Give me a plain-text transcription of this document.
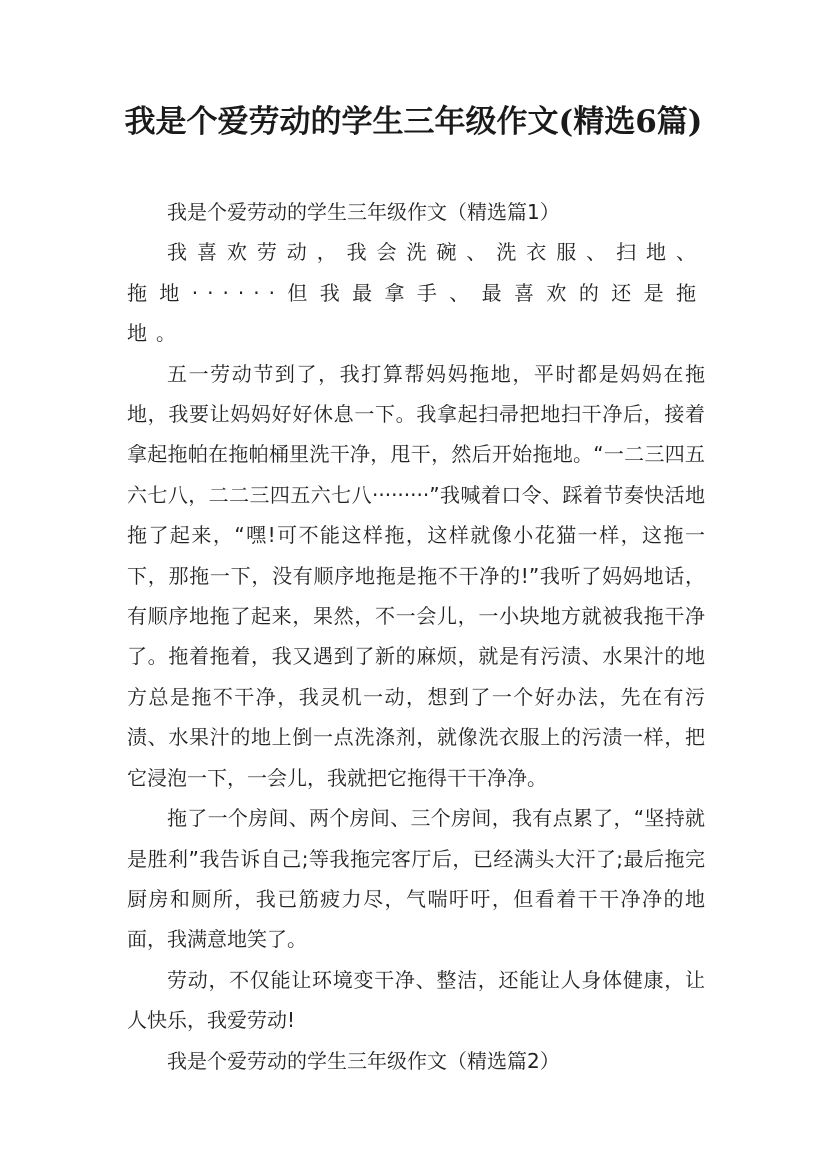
我是个爱劳动的学生三年级作文(精选6篇)

我是个爱劳动的学生三年级作文（精选篇1）

我喜欢劳动，我会洗碗、洗衣服、扫地、拖地······但我最拿手、最喜欢的还是拖地。

五一劳动节到了，我打算帮妈妈拖地，平时都是妈妈在拖地，我要让妈妈好好休息一下。我拿起扫帚把地扫干净后，接着拿起拖帕在拖帕桶里洗干净，甩干，然后开始拖地。“一二三四五六七八，二二三四五六七八·········”我喊着口令、踩着节奏快活地拖了起来，“嘿!可不能这样拖，这样就像小花猫一样，这拖一下，那拖一下，没有顺序地拖是拖不干净的!”我听了妈妈地话，有顺序地拖了起来，果然，不一会儿，一小块地方就被我拖干净了。拖着拖着，我又遇到了新的麻烦，就是有污渍、水果汁的地方总是拖不干净，我灵机一动，想到了一个好办法，先在有污渍、水果汁的地上倒一点洗涤剂，就像洗衣服上的污渍一样，把它浸泡一下，一会儿，我就把它拖得干干净净。

拖了一个房间、两个房间、三个房间，我有点累了，“坚持就是胜利”我告诉自己;等我拖完客厅后，已经满头大汗了;最后拖完厨房和厕所，我已筋疲力尽，气喘吁吁，但看着干干净净的地面，我满意地笑了。

劳动，不仅能让环境变干净、整洁，还能让人身体健康，让人快乐，我爱劳动!

我是个爱劳动的学生三年级作文（精选篇2）
